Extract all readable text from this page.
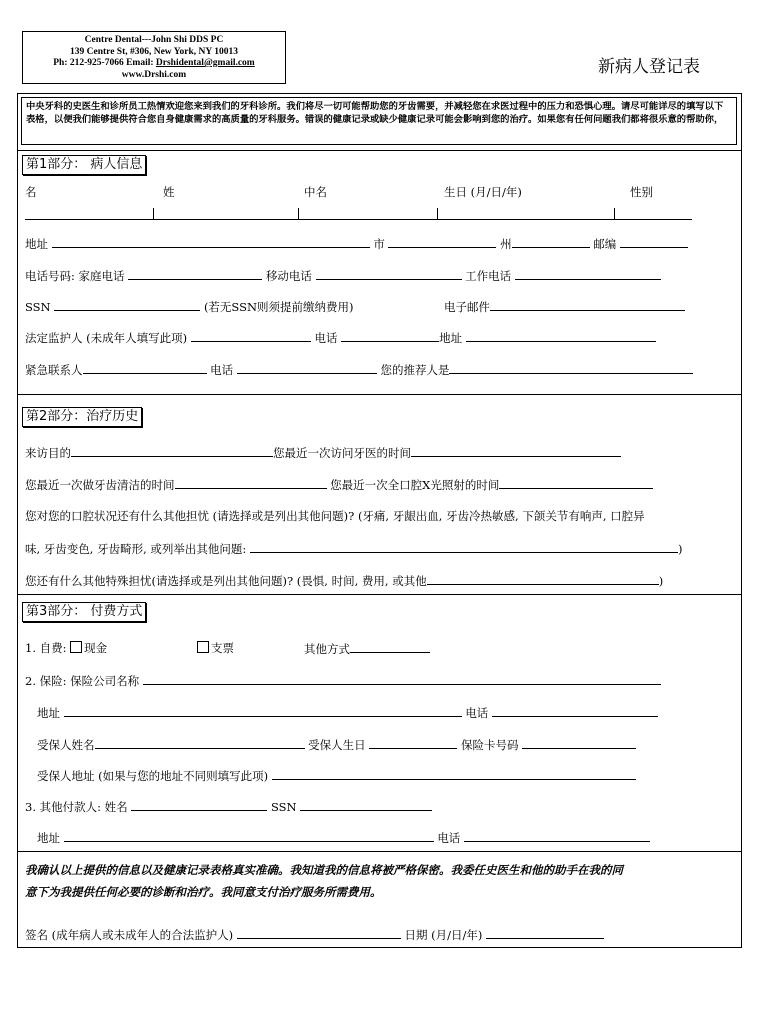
Centre Dental---John Shi DDS PC
139 Centre St, #306, New York, NY 10013
Ph: 212-925-7066 Email: Drshidental@gmail.com
www.Drshi.com	新病人登记表
中央牙科的史医生和诊所员工热情欢迎您来到我们的牙科诊所。我们将尽一切可能帮助您的牙齿需要，并减轻您在求医过程中的压力和恐惧心理。请尽可能详尽的填写以下表格，以便我们能够提供符合您自身健康需求的高质量的牙科服务。错误的健康记录或缺少健康记录可能会影响到您的治疗。如果您有任何问题我们都将很乐意的帮助你，
第1部分： 病人信息
名	姓	中名	生日 (月/日/年)	性别
地址	市	州	邮编
电话号码: 家庭电话	移动电话	工作电话
SSN	(若无SSN则须提前缴纳费用)	电子邮件
法定监护人 (未成年人填写此项)	电话	地址
紧急联系人	电话	您的推荐人是
第2部分：治疗历史
来访目的	您最近一次访问牙医的时间
您最近一次做牙齿清洁的时间	您最近一次全口腔X光照射的时间
您对您的口腔状况还有什么其他担忧 (请选择或是列出其他问题)? (牙痛, 牙龈出血, 牙齿冷热敏感, 下颌关节有响声, 口腔异
味, 牙齿变色, 牙齿畸形, 或列举出其他问题:	)
您还有什么其他特殊担忧(请选择或是列出其他问题)? (畏惧, 时间, 费用, 或其他	)
第3部分： 付费方式
1. 自费: 现金	支票	其他方式
2. 保险: 保险公司名称
地址	电话
受保人姓名	受保人生日	保险卡号码
受保人地址 (如果与您的地址不同则填写此项)
3. 其他付款人: 姓名	SSN
地址	电话
我确认以上提供的信息以及健康记录表格真实准确。我知道我的信息将被严格保密。我委任史医生和他的助手在我的同
意下为我提供任何必要的诊断和治疗。我同意支付治疗服务所需费用。
签名 (成年病人或未成年人的合法监护人)	日期 (月/日/年)
